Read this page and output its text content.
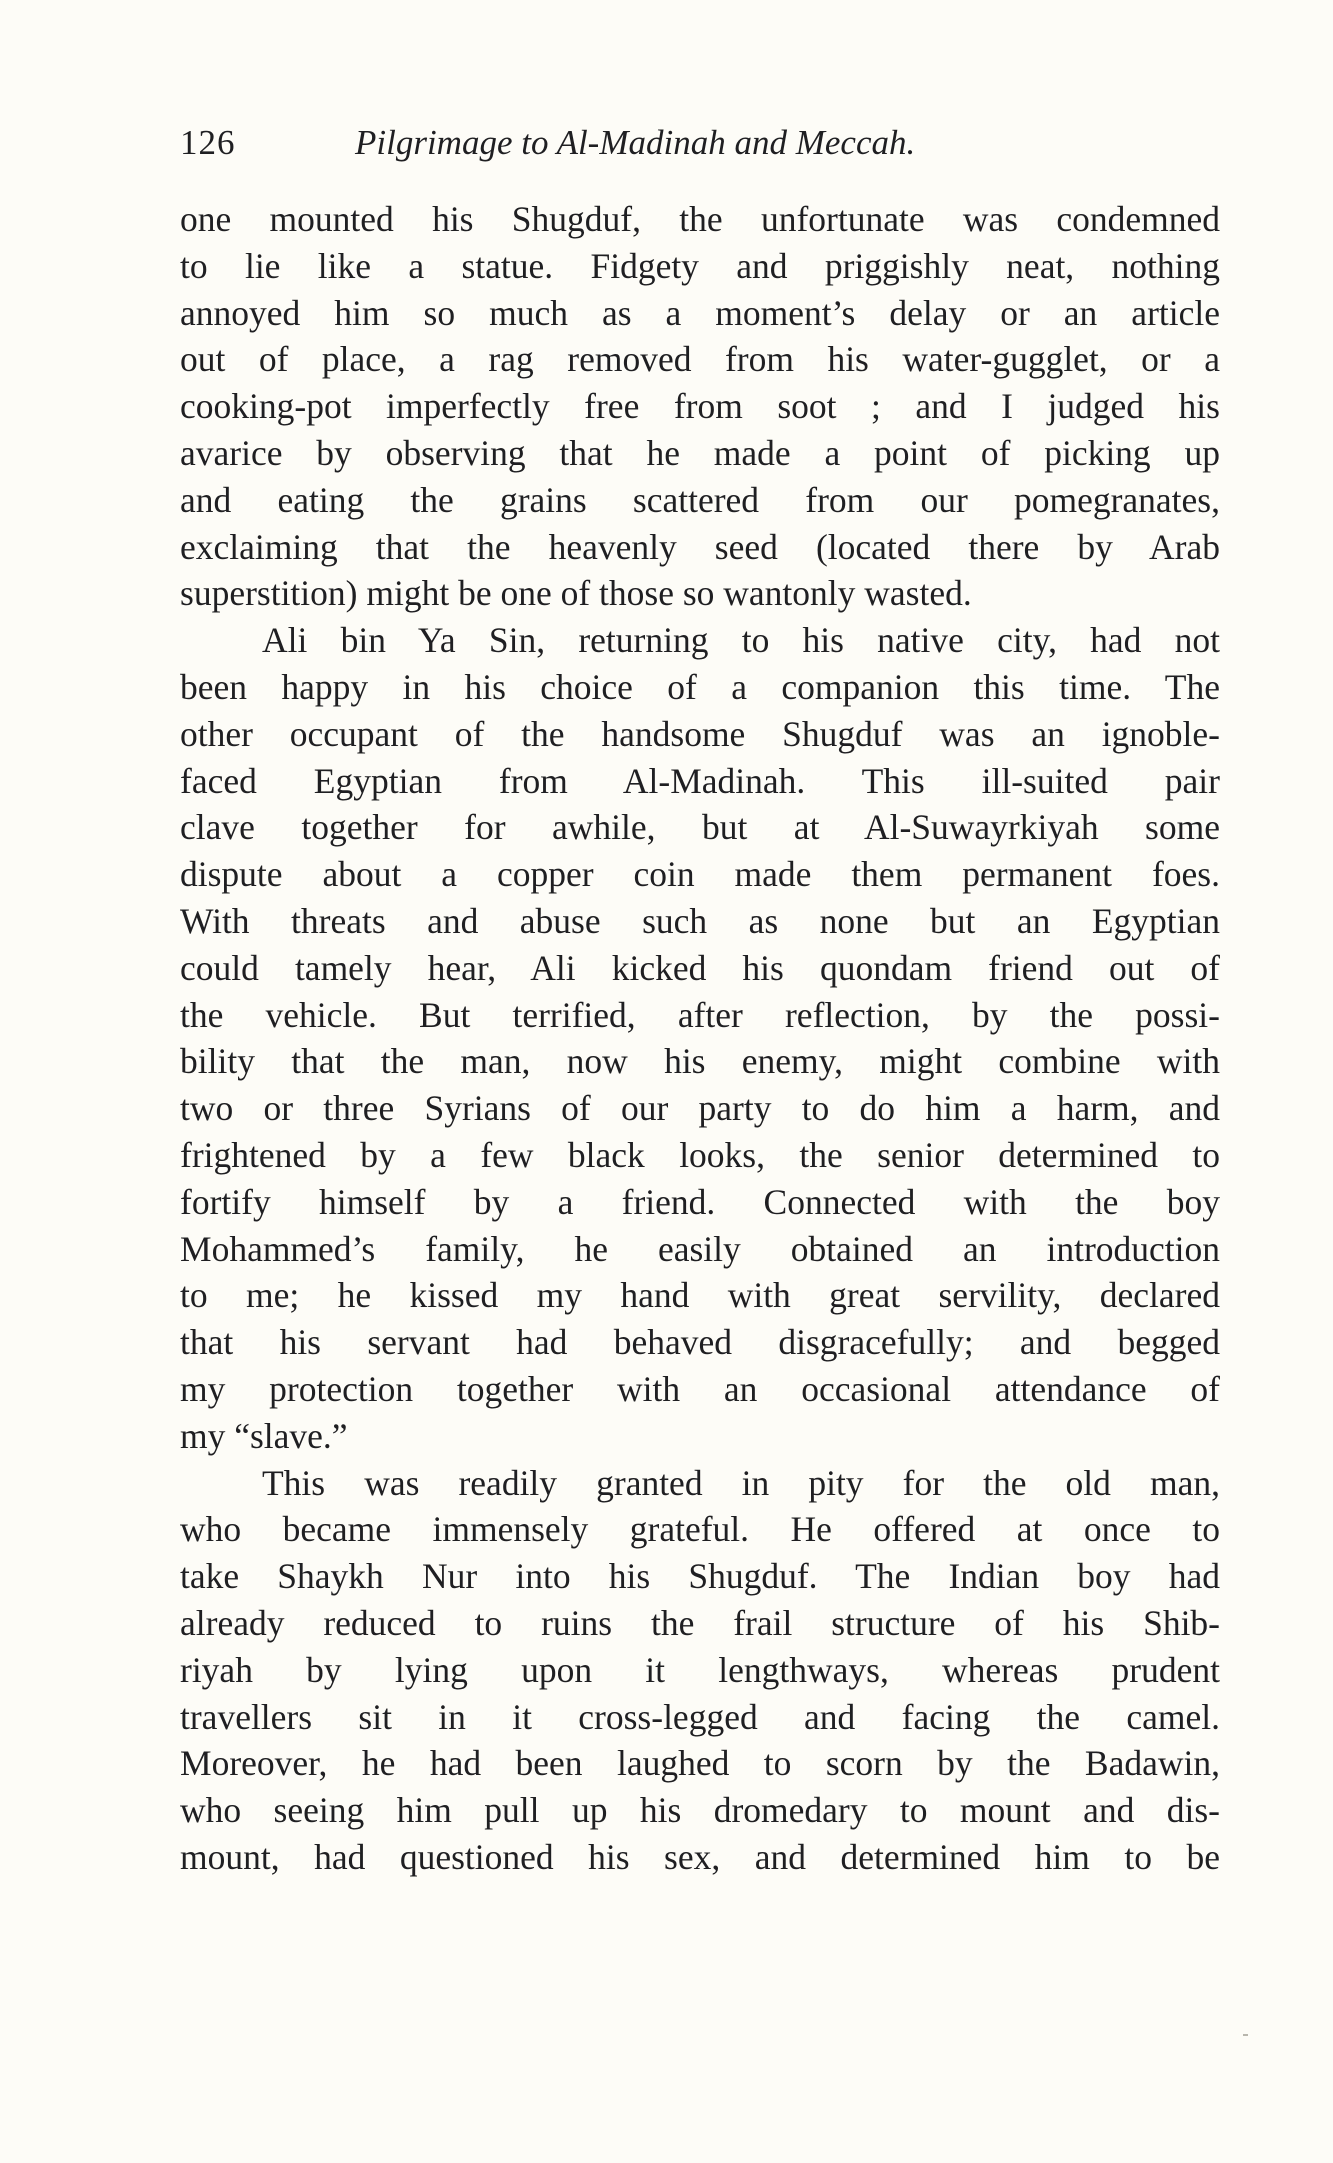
126	Pilgrimage to Al-Madinah and Meccah.
one mounted his Shugduf, the unfortunate was condemned
to lie like a statue. Fidgety and priggishly neat, nothing
annoyed him so much as a moment’s delay or an article
out of place, a rag removed from his water-gugglet, or a
cooking-pot imperfectly free from soot ; and I judged his
avarice by observing that he made a point of picking up
and eating the grains scattered from our pomegranates,
exclaiming that the heavenly seed (located there by Arab
superstition) might be one of those so wantonly wasted.
Ali bin Ya Sin, returning to his native city, had not
been happy in his choice of a companion this time. The
other occupant of the handsome Shugduf was an ignoble-
faced Egyptian from Al-Madinah. This ill-suited pair
clave together for awhile, but at Al-Suwayrkiyah some
dispute about a copper coin made them permanent foes.
With threats and abuse such as none but an Egyptian
could tamely hear, Ali kicked his quondam friend out of
the vehicle. But terrified, after reflection, by the possi-
bility that the man, now his enemy, might combine with
two or three Syrians of our party to do him a harm, and
frightened by a few black looks, the senior determined to
fortify himself by a friend. Connected with the boy
Mohammed’s family, he easily obtained an introduction
to me; he kissed my hand with great servility, declared
that his servant had behaved disgracefully; and begged
my protection together with an occasional attendance of
my “slave.”
This was readily granted in pity for the old man,
who became immensely grateful. He offered at once to
take Shaykh Nur into his Shugduf. The Indian boy had
already reduced to ruins the frail structure of his Shib-
riyah by lying upon it lengthways, whereas prudent
travellers sit in it cross-legged and facing the camel.
Moreover, he had been laughed to scorn by the Badawin,
who seeing him pull up his dromedary to mount and dis-
mount, had questioned his sex, and determined him to be
